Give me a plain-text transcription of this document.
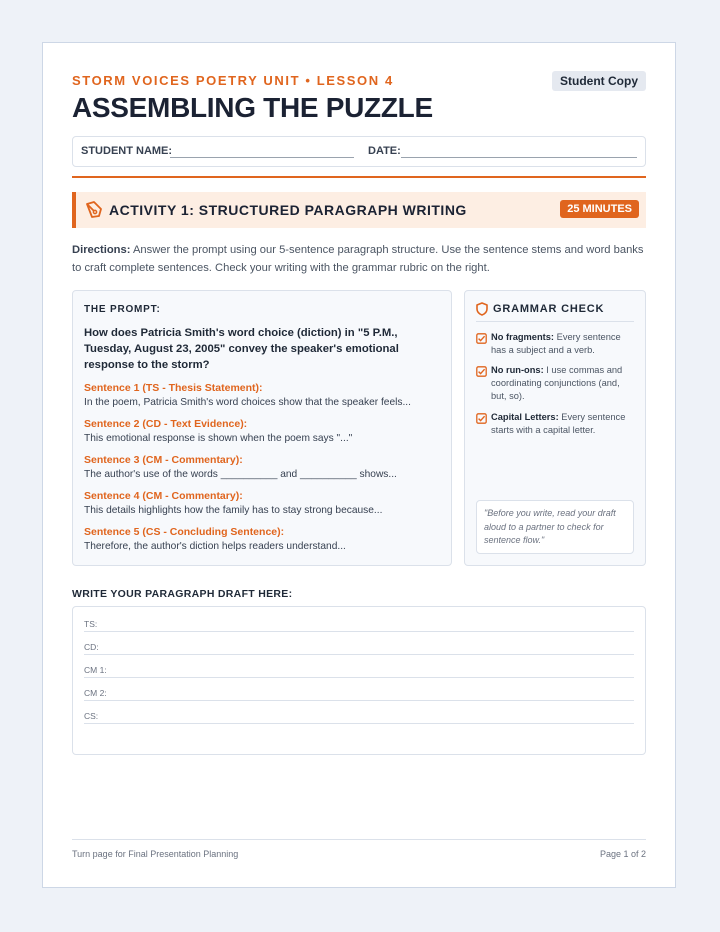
STORM VOICES POETRY UNIT • LESSON 4	Student Copy
ASSEMBLING THE PUZZLE
STUDENT NAME:	DATE:
ACTIVITY 1: STRUCTURED PARAGRAPH WRITING	25 MINUTES
Directions: Answer the prompt using our 5-sentence paragraph structure. Use the sentence stems and word banks to craft complete sentences. Check your writing with the grammar rubric on the right.
THE PROMPT:
How does Patricia Smith's word choice (diction) in "5 P.M., Tuesday, August 23, 2005" convey the speaker's emotional response to the storm?
Sentence 1 (TS - Thesis Statement):
In the poem, Patricia Smith's word choices show that the speaker feels...
Sentence 2 (CD - Text Evidence):
This emotional response is shown when the poem says "..."
Sentence 3 (CM - Commentary):
The author's use of the words __________ and __________ shows...
Sentence 4 (CM - Commentary):
This details highlights how the family has to stay strong because...
Sentence 5 (CS - Concluding Sentence):
Therefore, the author's diction helps readers understand...
GRAMMAR CHECK
No fragments: Every sentence has a subject and a verb.
No run-ons: I use commas and coordinating conjunctions (and, but, so).
Capital Letters: Every sentence starts with a capital letter.
"Before you write, read your draft aloud to a partner to check for sentence flow."
WRITE YOUR PARAGRAPH DRAFT HERE:
TS:
CD:
CM 1:
CM 2:
CS:
Turn page for Final Presentation Planning	Page 1 of 2
